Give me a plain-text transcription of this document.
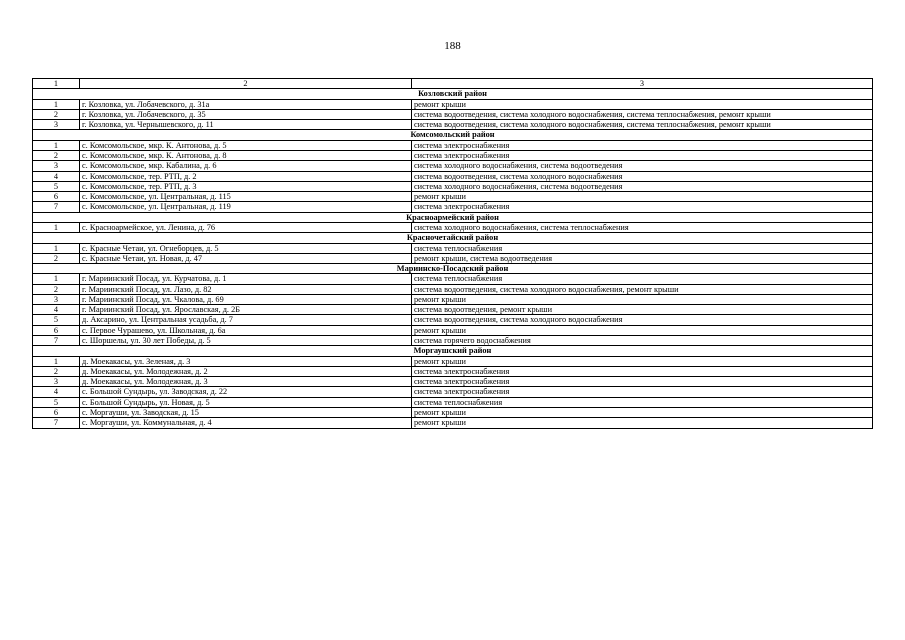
188
1	2	3
Козловский район		
1	г. Козловка, ул. Лобачевского, д. 31а	ремонт крыши
2	г. Козловка, ул. Лобачевского, д. 35	система водоотведения, система холодного водоснабжения, система теплоснабжения, ремонт крыши
3	г. Козловка, ул. Чернышевского, д. 11	система водоотведения, система холодного водоснабжения, система теплоснабжения, ремонт крыши
Комсомольский район		
1	с. Комсомольское, мкр. К. Антонова, д. 5	система электроснабжения
2	с. Комсомольское, мкр. К. Антонова, д. 8	система электроснабжения
3	с. Комсомольское, мкр. Кабалина, д. 6	система холодного водоснабжения, система водоотведения
4	с. Комсомольское, тер. РТП, д. 2	система водоотведения, система холодного водоснабжения
5	с. Комсомольское, тер. РТП, д. 3	система холодного водоснабжения, система водоотведения
6	с. Комсомольское, ул. Центральная, д. 115	ремонт крыши
7	с. Комсомольское, ул. Центральная, д. 119	система электроснабжения
Красноармейский район		
1	с. Красноармейское, ул. Ленина, д. 76	система холодного водоснабжения, система теплоснабжения
Красночетайский район		
1	с. Красные Четаи, ул. Огнеборцев, д. 5	система теплоснабжения
2	с. Красные Четаи, ул. Новая, д. 47	ремонт крыши, система водоотведения
Мариинско-Посадский район		
1	г. Мариинский Посад, ул. Курчатова, д. 1	система теплоснабжения
2	г. Мариинский Посад, ул. Лазо, д. 82	система водоотведения, система холодного водоснабжения, ремонт крыши
3	г. Мариинский Посад, ул. Чкалова, д. 69	ремонт крыши
4	г. Мариинский Посад, ул. Ярославская, д. 2Б	система водоотведения, ремонт крыши
5	д. Аксарино, ул. Центральная усадьба, д. 7	система водоотведения, система холодного водоснабжения
6	с. Первое Чурашево, ул. Школьная, д. 6а	ремонт крыши
7	с. Шоршелы, ул. 30 лет Победы, д. 5	система горячего водоснабжения
Моргаушский район		
1	д. Моекакасы, ул. Зеленая, д. 3	ремонт крыши
2	д. Моекакасы, ул. Молодежная, д. 2	система электроснабжения
3	д. Моекакасы, ул. Молодежная, д. 3	система электроснабжения
4	с. Большой Сундырь, ул. Заводская, д. 22	система электроснабжения
5	с. Большой Сундырь, ул. Новая, д. 5	система теплоснабжения
6	с. Моргауши, ул. Заводская, д. 15	ремонт крыши
7	с. Моргауши, ул. Коммунальная, д. 4	ремонт крыши
